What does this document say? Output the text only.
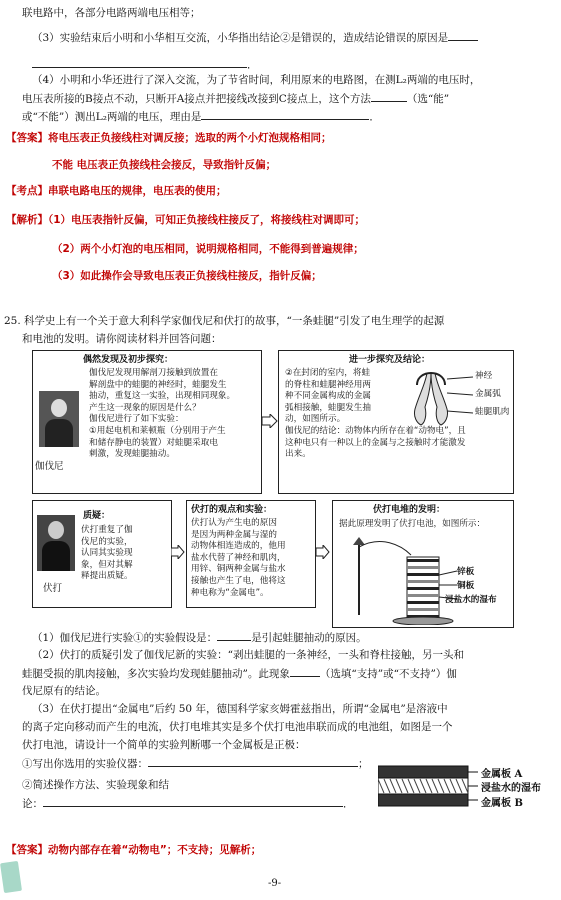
联电路中，各部分电路两端电压相等；
（3）实验结束后小明和小华相互交流，小华指出结论②是错误的，造成结论错误的原因是
．
（4）小明和小华还进行了深入交流，为了节省时间，利用原来的电路图，在测L₂两端的电压时，
电压表所接的B接点不动，只断开A接点并把接线改接到C接点上，这个方法	（选“能”
或“不能”）测出L₂两端的电压，理由是	．
【答案】将电压表正负接线柱对调反接；选取的两个小灯泡规格相同；
不能 电压表正负接线柱会接反，导致指针反偏；
【考点】串联电路电压的规律，电压表的使用；
【解析】（1）电压表指针反偏，可知正负接线柱接反了，将接线柱对调即可；
（2）两个小灯泡的电压相同，说明规格相同，不能得到普遍规律；
（3）如此操作会导致电压表正负接线柱接反，指针反偏；
25. 科学史上有一个关于意大利科学家伽伐尼和伏打的故事，“一条蛙腿”引发了电生理学的起源
和电池的发明。请你阅读材料并回答问题：
伽伐尼
偶然发现及初步探究：
伽伐尼发现用解剖刀接触到放置在
解剖盘中的蛙腿的神经时，蛙腿发生
抽动，重复这一实验，出现相同现象。
产生这一现象的原因是什么？
伽伐尼进行了如下实验：
①用起电机和莱顿瓶（分别用于产生
和储存静电的装置）对蛙腿采取电
刺激，发现蛙腿抽动。
进一步探究及结论：
神经
金属弧
蛙腿肌肉
②在封闭的室内，将蛙
的脊柱和蛙腿神经用两
种不同金属构成的金属
弧相接触，蛙腿发生抽
动，如图所示。
伽伐尼的结论：动物体内所存在着“动物电”，且
这种电只有一种以上的金属与之接触时才能激发
出来。
伏打
质疑：
伏打重复了伽
伐尼的实验，
认同其实验现
象，但对其解
释提出质疑。
伏打的观点和实验：
伏打认为产生电的原因
是因为两种金属与湿的
动物体相连造成的，他用
盐水代替了神经和肌肉，
用锌、铜两种金属与盐水
接触也产生了电，他将这
种电称为“金属电”。
伏打电堆的发明：
据此原理发明了伏打电池，如图所示：
锌板
铜板
浸盐水的湿布
（1）伽伐尼进行实验①的实验假设是：	是引起蛙腿抽动的原因。
（2）伏打的质疑引发了伽伐尼新的实验：“剥出蛙腿的一条神经，一头和脊柱接触，另一头和
蛙腿受损的肌肉接触，多次实验均发现蛙腿抽动”。此现象	（选填“支持”或“不支持”）伽
伐尼原有的结论。
（3）在伏打提出“金属电”后约 50 年，德国科学家亥姆霍兹指出，所谓“金属电”是溶液中
的离子定向移动而产生的电流，伏打电堆其实是多个伏打电池串联而成的电池组，如图是一个
伏打电池，请设计一个简单的实验判断哪一个金属板是正极：
①写出你选用的实验仪器：	；
②简述操作方法、实验现象和结
论：	．
金属板 A
浸盐水的湿布
金属板 B
【答案】动物内部存在着“动物电”；不支持；见解析；
-9-
